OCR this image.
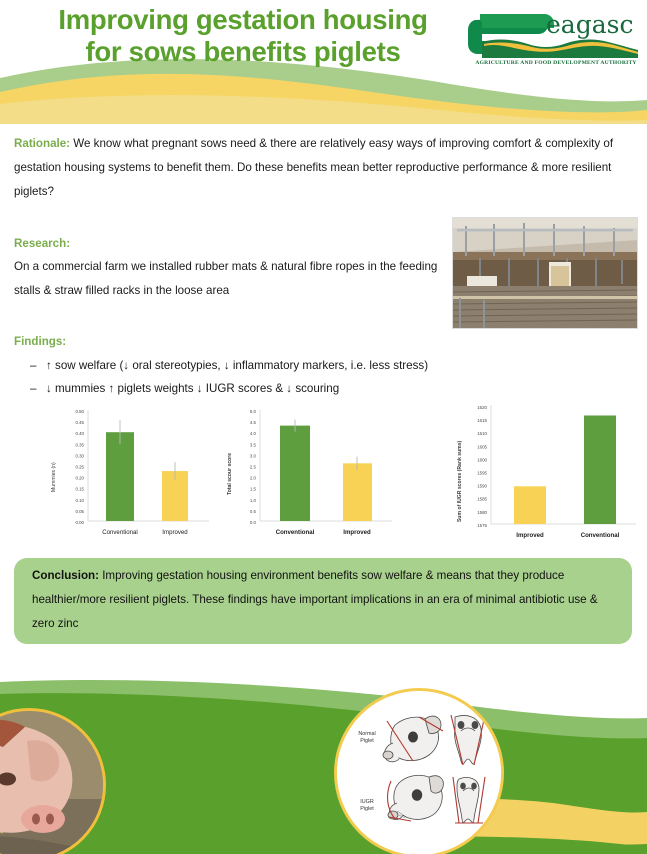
Improving gestation housing
for sows benefits piglets
eagasc
AGRICULTURE AND FOOD DEVELOPMENT AUTHORITY
Rationale: We know what pregnant sows need & there are relatively easy ways of improving comfort & complexity of gestation housing systems to benefit them. Do these benefits mean better reproductive performance & more resilient piglets?
Research:
On a commercial farm we installed rubber mats & natural fibre ropes in the feeding stalls & straw filled racks in the loose area
Findings:
– ↑ sow welfare (↓ oral stereotypies, ↓ inflammatory markers, i.e. less stress)
– ↓ mummies ↑ piglets weights ↓ IUGR scores & ↓ scouring
Mummies (n)
0.50
0.45
0.40
0.35
0.30
0.25
0.20
0.15
0.10
0.05
0.00
Conventional	Improved
Total scour score
5.0
4.5
4.0
3.5
3.0
2.5
2.0
1.5
1.0
0.5
0.0
Conventional	Improved
Sum of IUGR scores (Rank sums)
1620
1615
1610
1605
1600
1595
1590
1585
1580
1575
Improved	Conventional
Conclusion: Improving gestation housing environment benefits sow welfare & means that they produce healthier/more resilient piglets. These findings have important implications in an era of minimal antibiotic use & zero zinc
Normal
Piglet
IUGR
Piglet
